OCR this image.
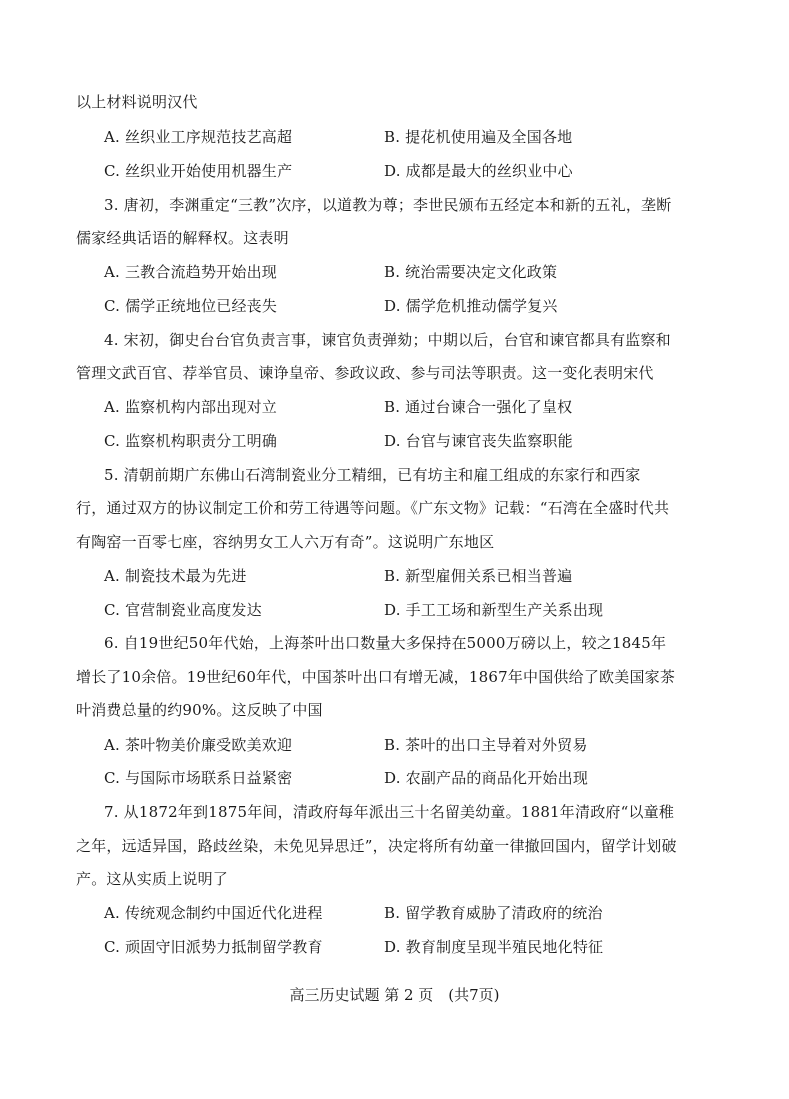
以上材料说明汉代
A. 丝织业工序规范技艺高超	B. 提花机使用遍及全国各地
C. 丝织业开始使用机器生产	D. 成都是最大的丝织业中心
3. 唐初，李渊重定“三教”次序，以道教为尊；李世民颁布五经定本和新的五礼，垄断
儒家经典话语的解释权。这表明
A. 三教合流趋势开始出现	B. 统治需要决定文化政策
C. 儒学正统地位已经丧失	D. 儒学危机推动儒学复兴
4. 宋初，御史台台官负责言事，谏官负责弹劾；中期以后，台官和谏官都具有监察和
管理文武百官、荐举官员、谏诤皇帝、参政议政、参与司法等职责。这一变化表明宋代
A. 监察机构内部出现对立	B. 通过台谏合一强化了皇权
C. 监察机构职责分工明确	D. 台官与谏官丧失监察职能
5. 清朝前期广东佛山石湾制瓷业分工精细，已有坊主和雇工组成的东家行和西家
行，通过双方的协议制定工价和劳工待遇等问题。《广东文物》记载：“石湾在全盛时代共
有陶窑一百零七座，容纳男女工人六万有奇”。这说明广东地区
A. 制瓷技术最为先进	B. 新型雇佣关系已相当普遍
C. 官营制瓷业高度发达	D. 手工工场和新型生产关系出现
6. 自19世纪50年代始，上海茶叶出口数量大多保持在5000万磅以上，较之1845年
增长了10余倍。19世纪60年代，中国茶叶出口有增无减，1867年中国供给了欧美国家茶
叶消费总量的约90%。这反映了中国
A. 茶叶物美价廉受欧美欢迎	B. 茶叶的出口主导着对外贸易
C. 与国际市场联系日益紧密	D. 农副产品的商品化开始出现
7. 从1872年到1875年间，清政府每年派出三十名留美幼童。1881年清政府“以童稚
之年，远适异国，路歧丝染，未免见异思迁”，决定将所有幼童一律撤回国内，留学计划破
产。这从实质上说明了
A. 传统观念制约中国近代化进程	B. 留学教育威胁了清政府的统治
C. 顽固守旧派势力抵制留学教育	D. 教育制度呈现半殖民地化特征
高三历史试题 第 2 页　(共7页)
